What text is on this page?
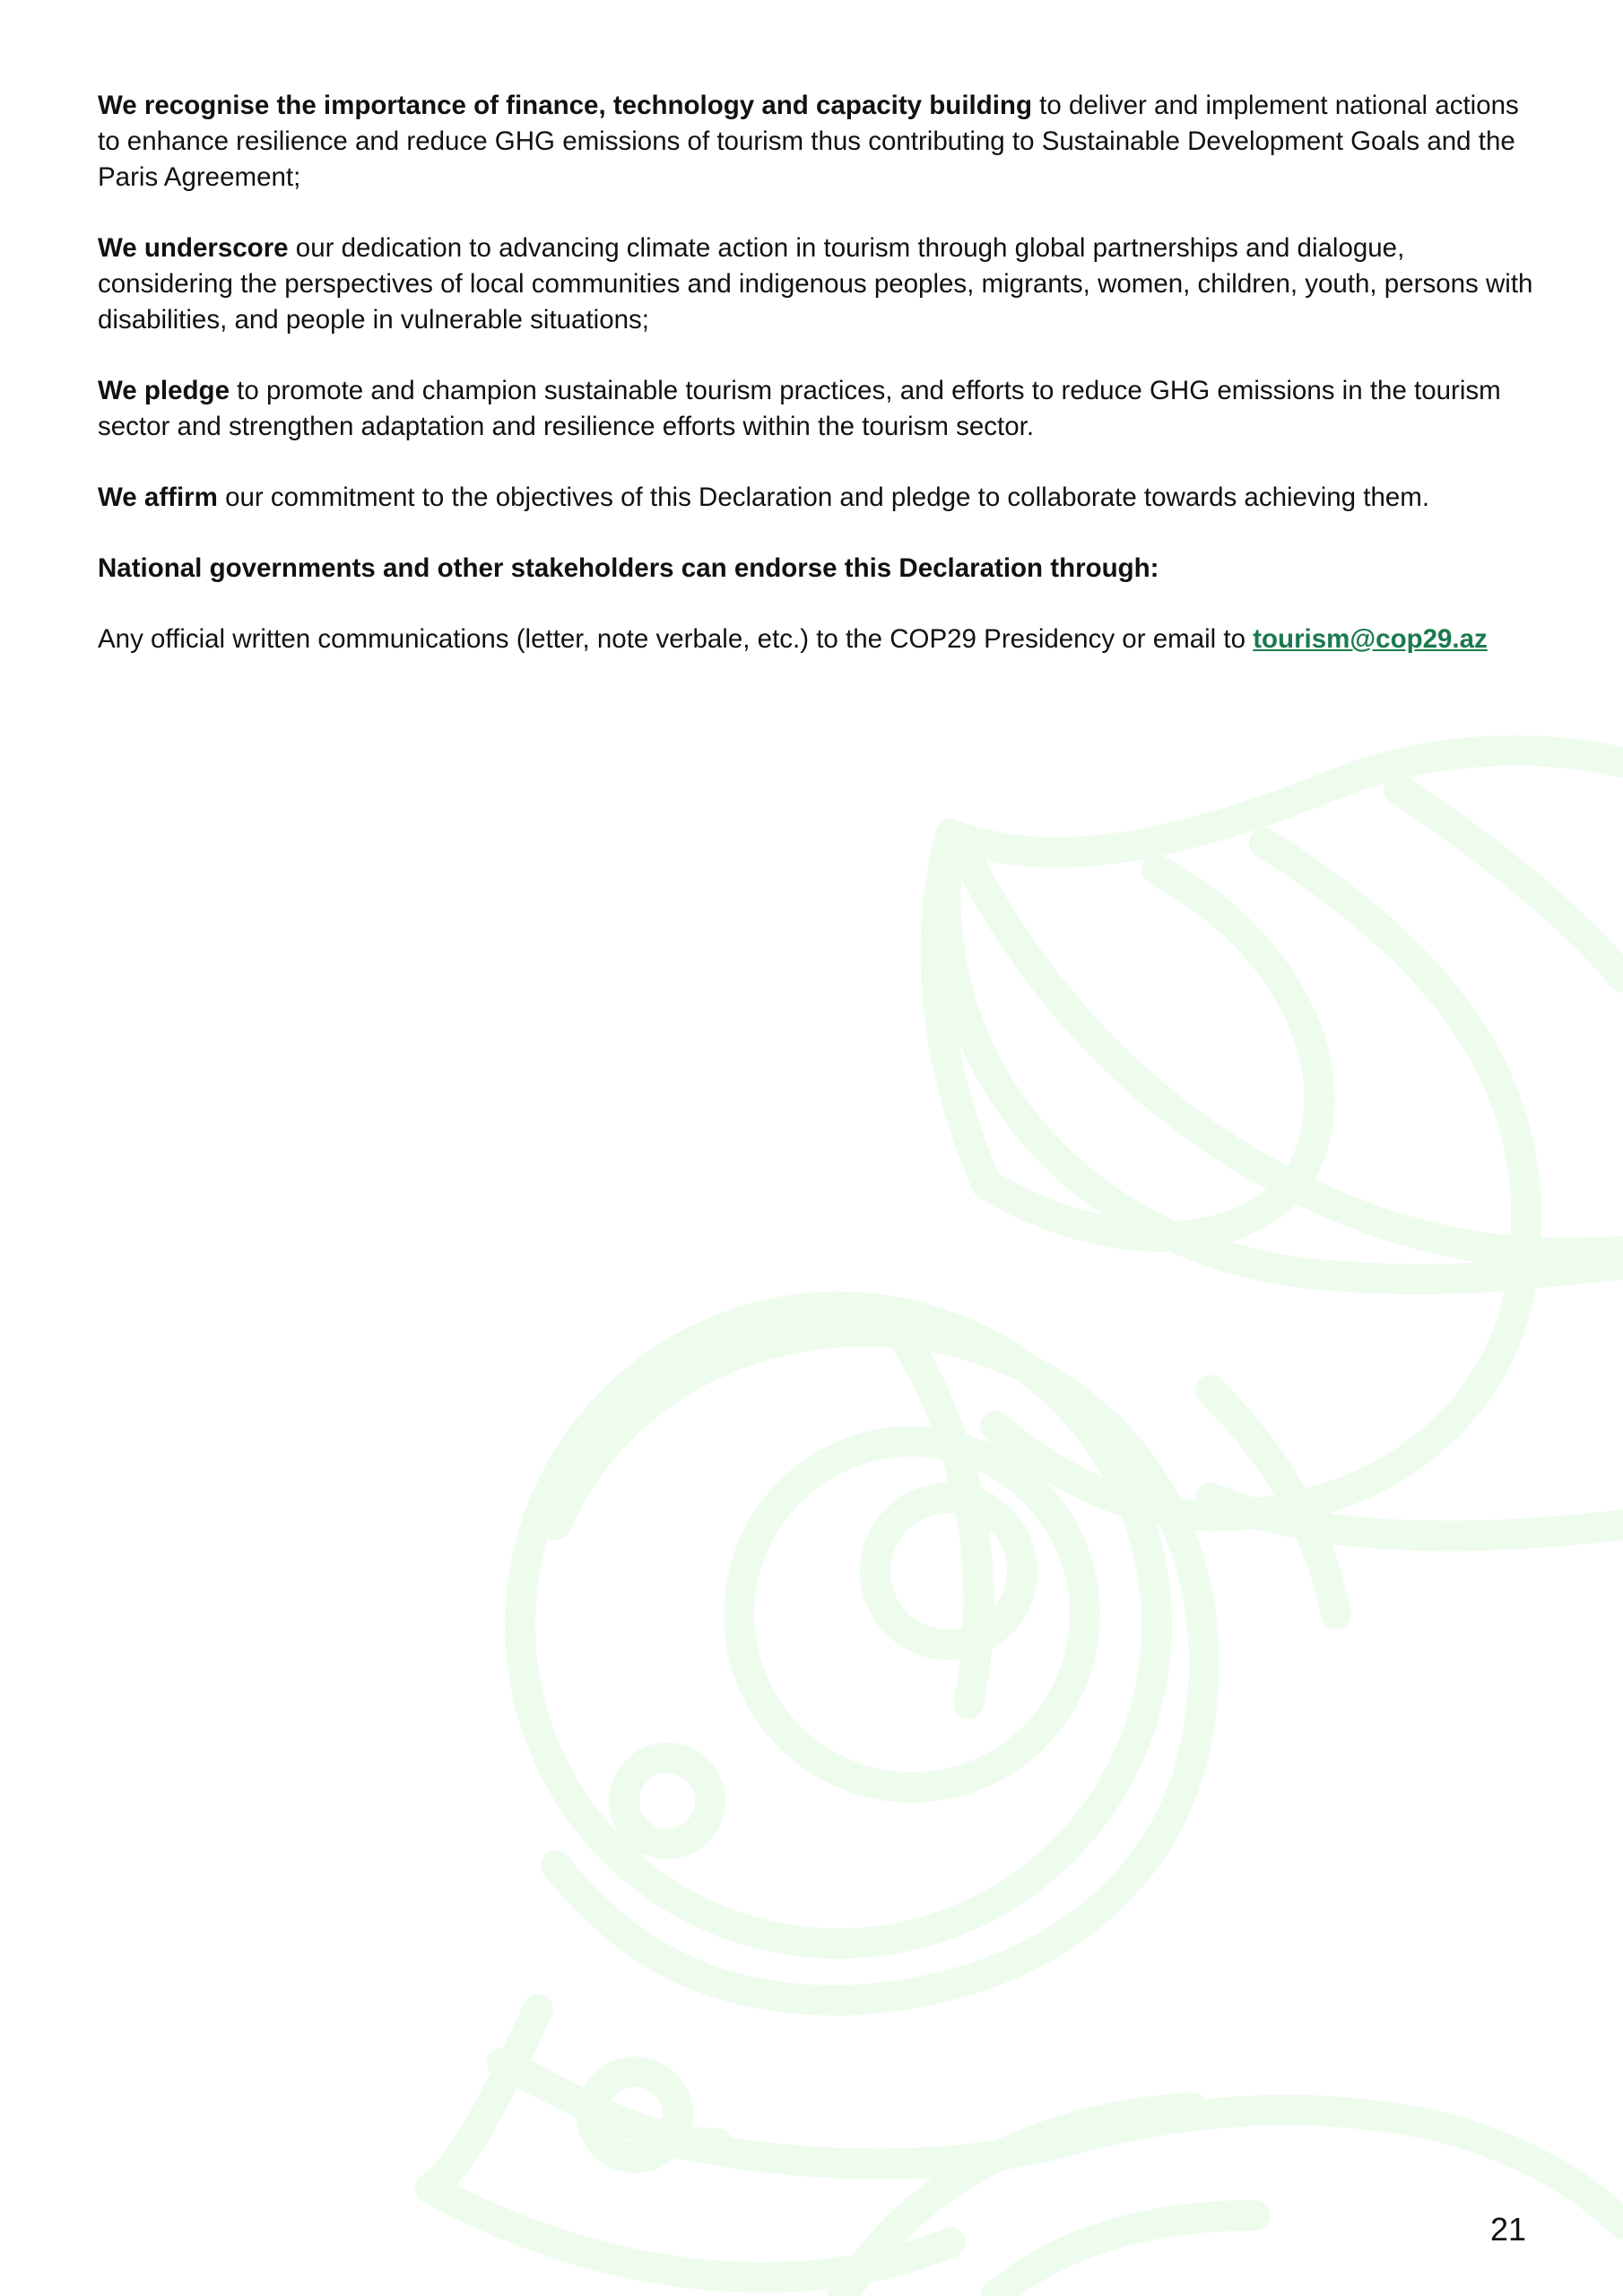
We recognise the importance of finance, technology and capacity building to deliver and implement national actions to enhance resilience and reduce GHG emissions of tourism thus contributing to Sustainable Development Goals and the Paris Agreement;

We underscore our dedication to advancing climate action in tourism through global partnerships and dialogue, considering the perspectives of local communities and indigenous peoples, migrants, women, children, youth, persons with disabilities, and people in vulnerable situations;

We pledge to promote and champion sustainable tourism practices, and efforts to reduce GHG emissions in the tourism sector and strengthen adaptation and resilience efforts within the tourism sector.

We affirm our commitment to the objectives of this Declaration and pledge to collaborate towards achieving them.

National governments and other stakeholders can endorse this Declaration through:

Any official written communications (letter, note verbale, etc.) to the COP29 Presidency or email to tourism@cop29.az

21
